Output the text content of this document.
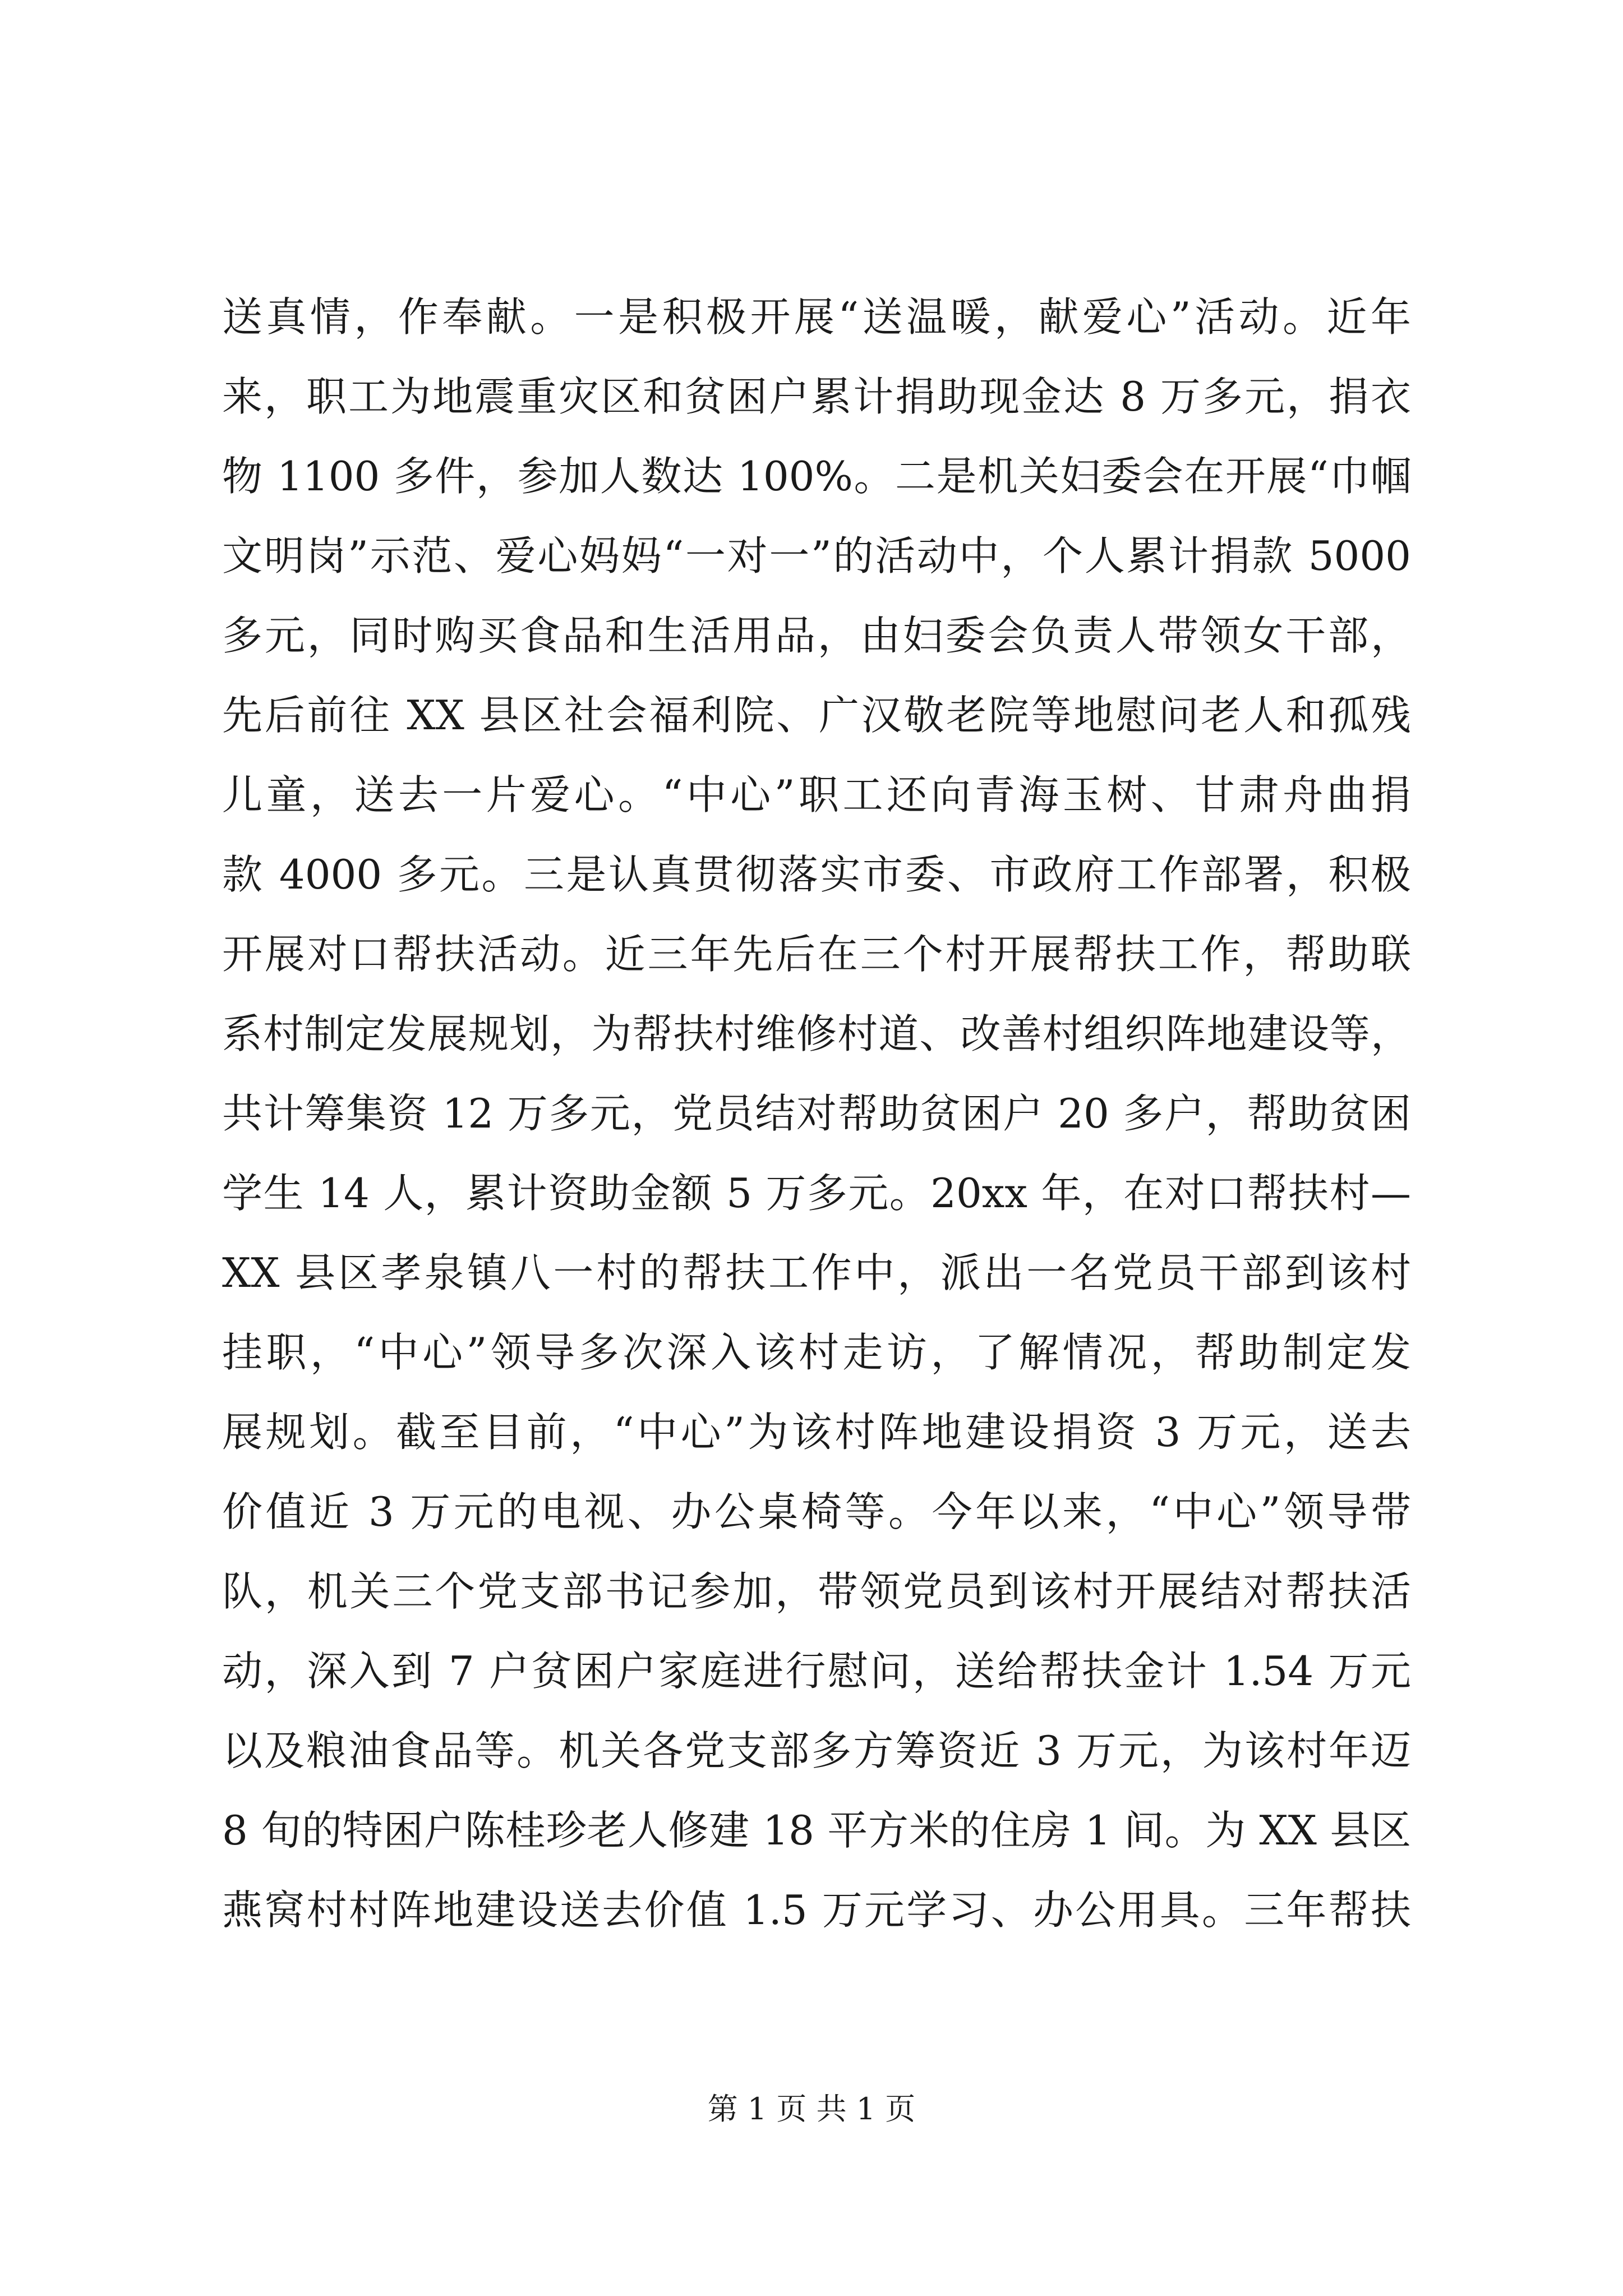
送真情，作奉献。一是积极开展“送温暖，献爱心”活动。近年
来，职工为地震重灾区和贫困户累计捐助现金达 8 万多元，捐衣
物 1100 多件，参加人数达 100%。二是机关妇委会在开展“巾帼
文明岗”示范、爱心妈妈“一对一”的活动中，个人累计捐款 5000
多元，同时购买食品和生活用品，由妇委会负责人带领女干部，
先后前往 XX 县区社会福利院、广汉敬老院等地慰问老人和孤残
儿童，送去一片爱心。“中心”职工还向青海玉树、甘肃舟曲捐
款 4000 多元。三是认真贯彻落实市委、市政府工作部署，积极
开展对口帮扶活动。近三年先后在三个村开展帮扶工作，帮助联
系村制定发展规划，为帮扶村维修村道、改善村组织阵地建设等，
共计筹集资 12 万多元，党员结对帮助贫困户 20 多户，帮助贫困
学生 14 人，累计资助金额 5 万多元。20xx 年，在对口帮扶村—
XX 县区孝泉镇八一村的帮扶工作中，派出一名党员干部到该村
挂职，“中心”领导多次深入该村走访，了解情况，帮助制定发
展规划。截至目前，“中心”为该村阵地建设捐资 3 万元，送去
价值近 3 万元的电视、办公桌椅等。今年以来，“中心”领导带
队，机关三个党支部书记参加，带领党员到该村开展结对帮扶活
动，深入到 7 户贫困户家庭进行慰问，送给帮扶金计 1.54 万元
以及粮油食品等。机关各党支部多方筹资近 3 万元，为该村年迈
8 旬的特困户陈桂珍老人修建 18 平方米的住房 1 间。为 XX 县区
燕窝村村阵地建设送去价值 1.5 万元学习、办公用具。三年帮扶
第 1 页 共 1 页
